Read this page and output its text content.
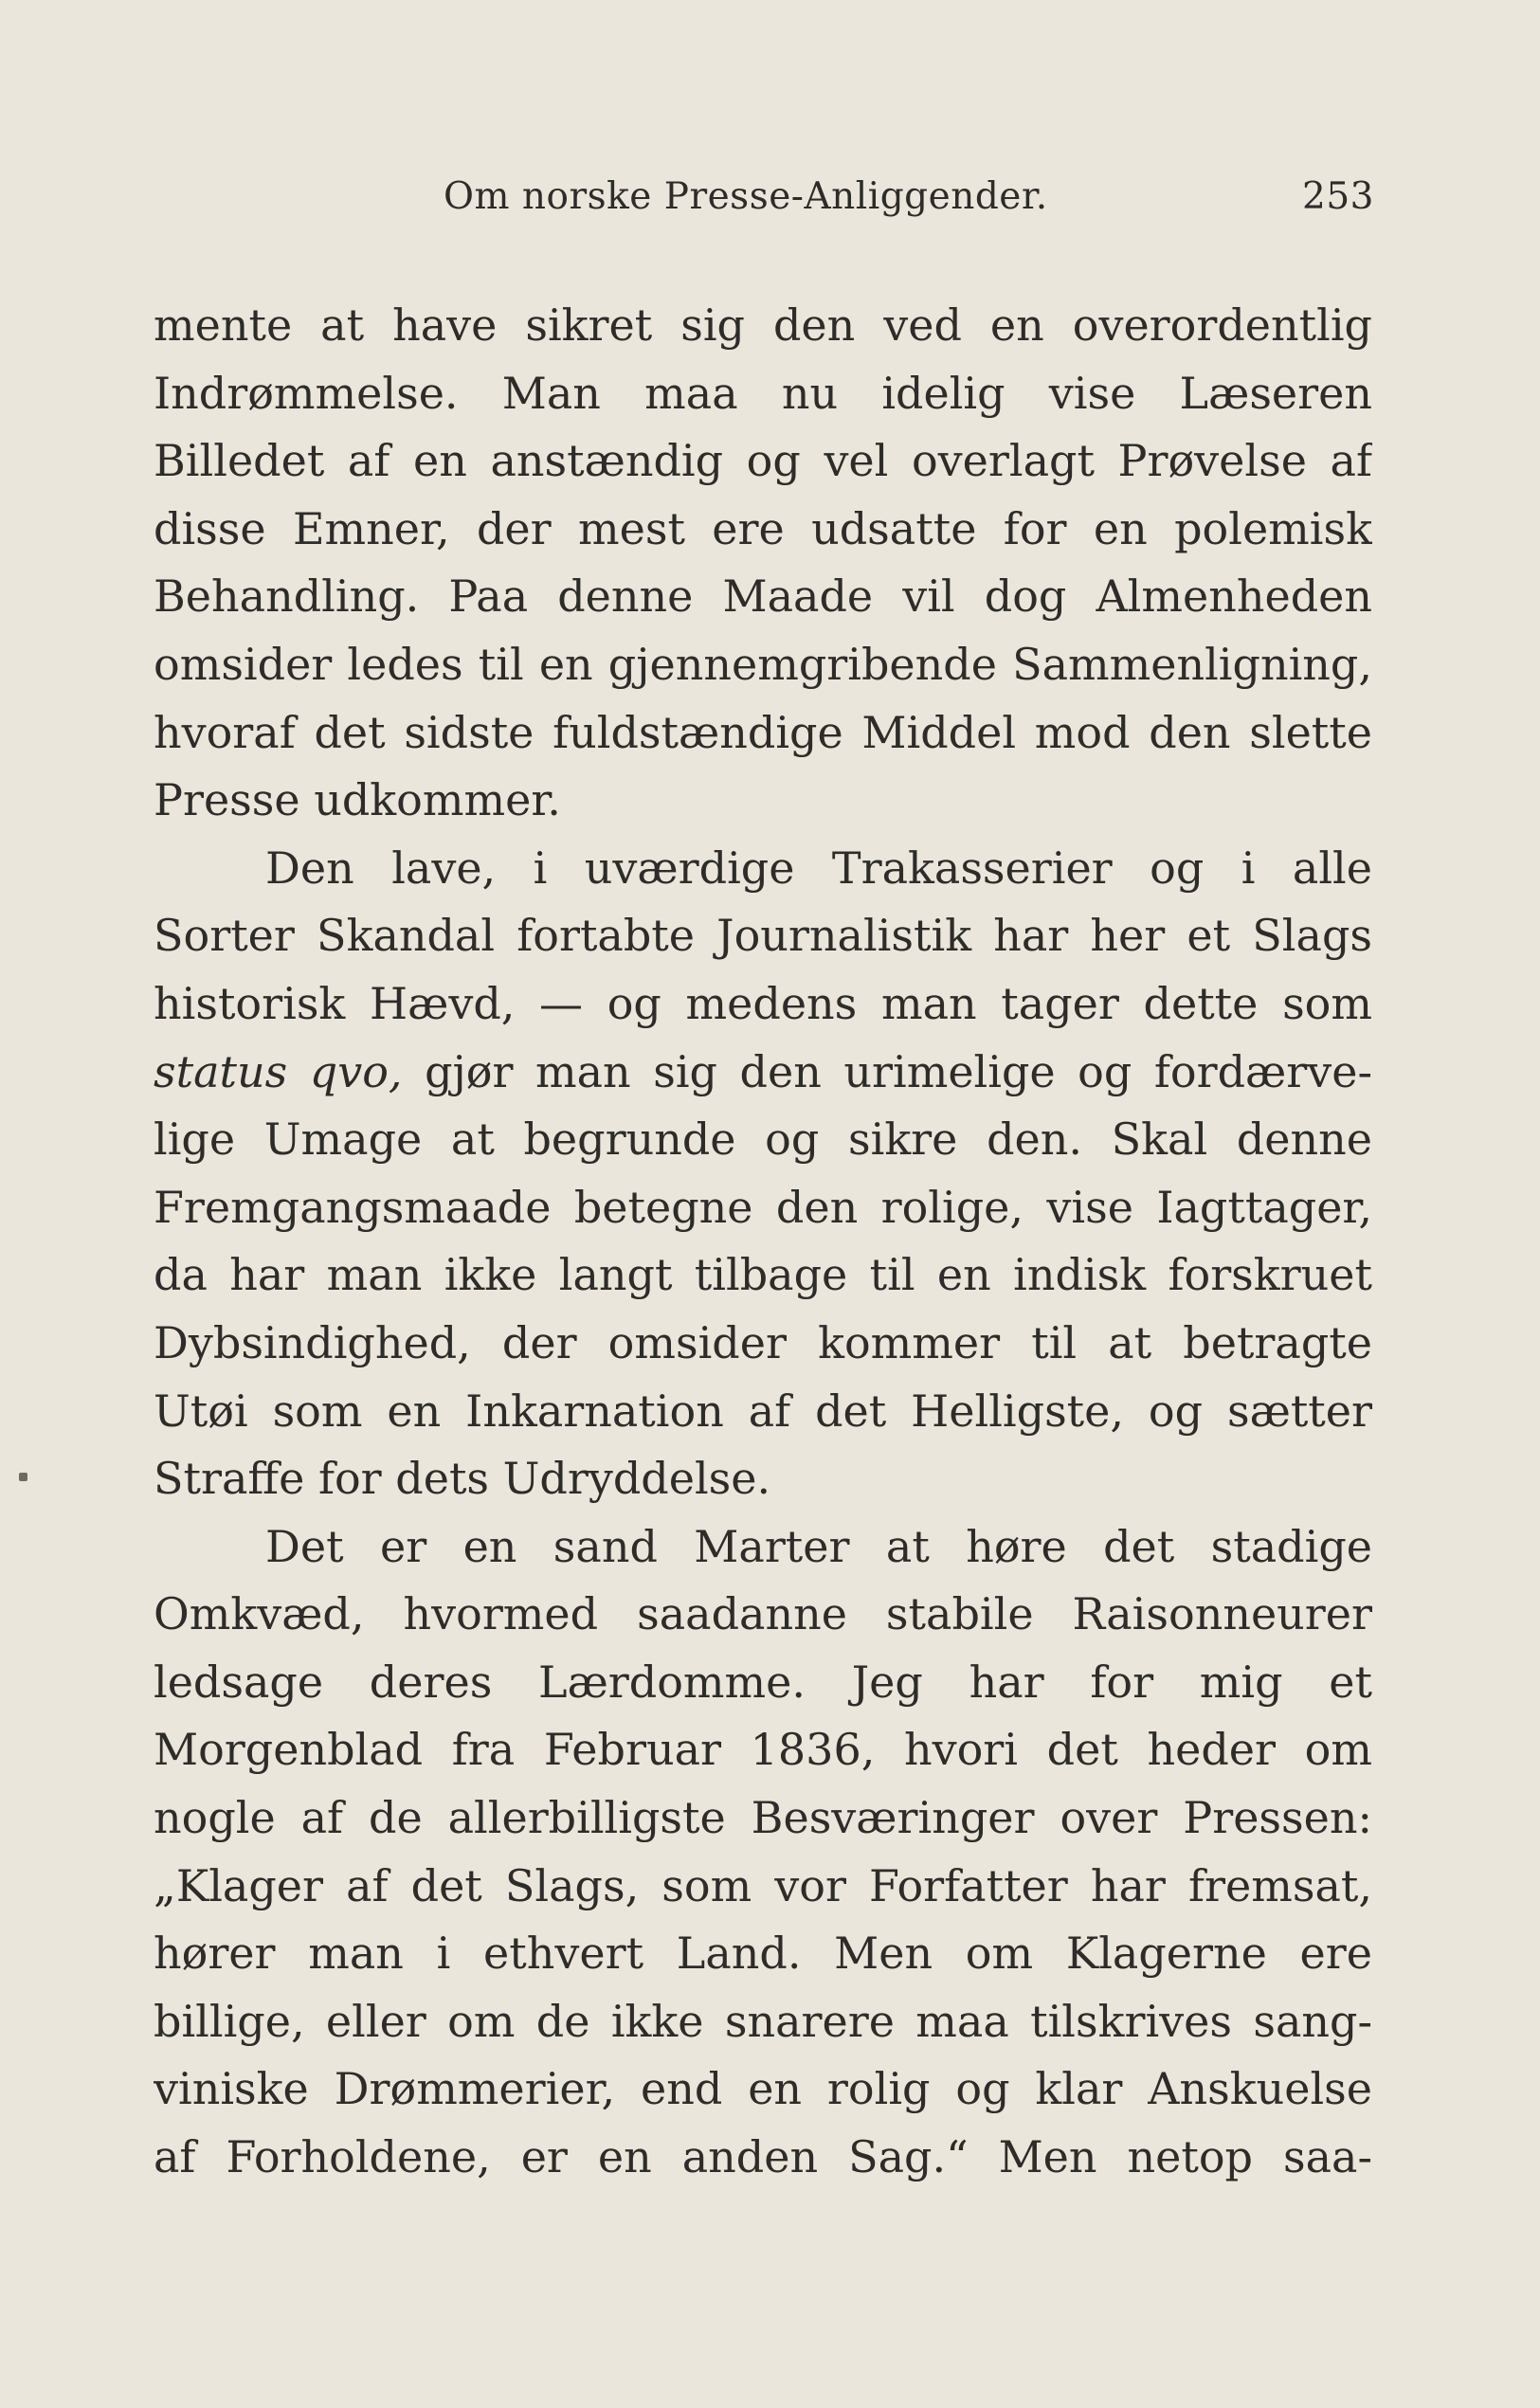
Om norske Presse-Anliggender.	253
mente at have sikret sig den ved en overordentlig
Indrømmelse. Man maa nu idelig vise Læseren
Billedet af en anstændig og vel overlagt Prøvelse af
disse Emner, der mest ere udsatte for en polemisk
Behandling. Paa denne Maade vil dog Almenheden
omsider ledes til en gjennemgribende Sammenligning,
hvoraf det sidste fuldstændige Middel mod den slette
Presse udkommer.
Den lave, i uværdige Trakasserier og i alle
Sorter Skandal fortabte Journalistik har her et Slags
historisk Hævd, — og medens man tager dette som
status qvo, gjør man sig den urimelige og fordærve-
lige Umage at begrunde og sikre den. Skal denne
Fremgangsmaade betegne den rolige, vise Iagttager,
da har man ikke langt tilbage til en indisk forskruet
Dybsindighed, der omsider kommer til at betragte
Utøi som en Inkarnation af det Helligste, og sætter
Straffe for dets Udryddelse.
Det er en sand Marter at høre det stadige
Omkvæd, hvormed saadanne stabile Raisonneurer
ledsage deres Lærdomme. Jeg har for mig et
Morgenblad fra Februar 1836, hvori det heder om
nogle af de allerbilligste Besværinger over Pressen:
„Klager af det Slags, som vor Forfatter har fremsat,
hører man i ethvert Land. Men om Klagerne ere
billige, eller om de ikke snarere maa tilskrives sang-
viniske Drømmerier, end en rolig og klar Anskuelse
af Forholdene, er en anden Sag.“ Men netop saa-
